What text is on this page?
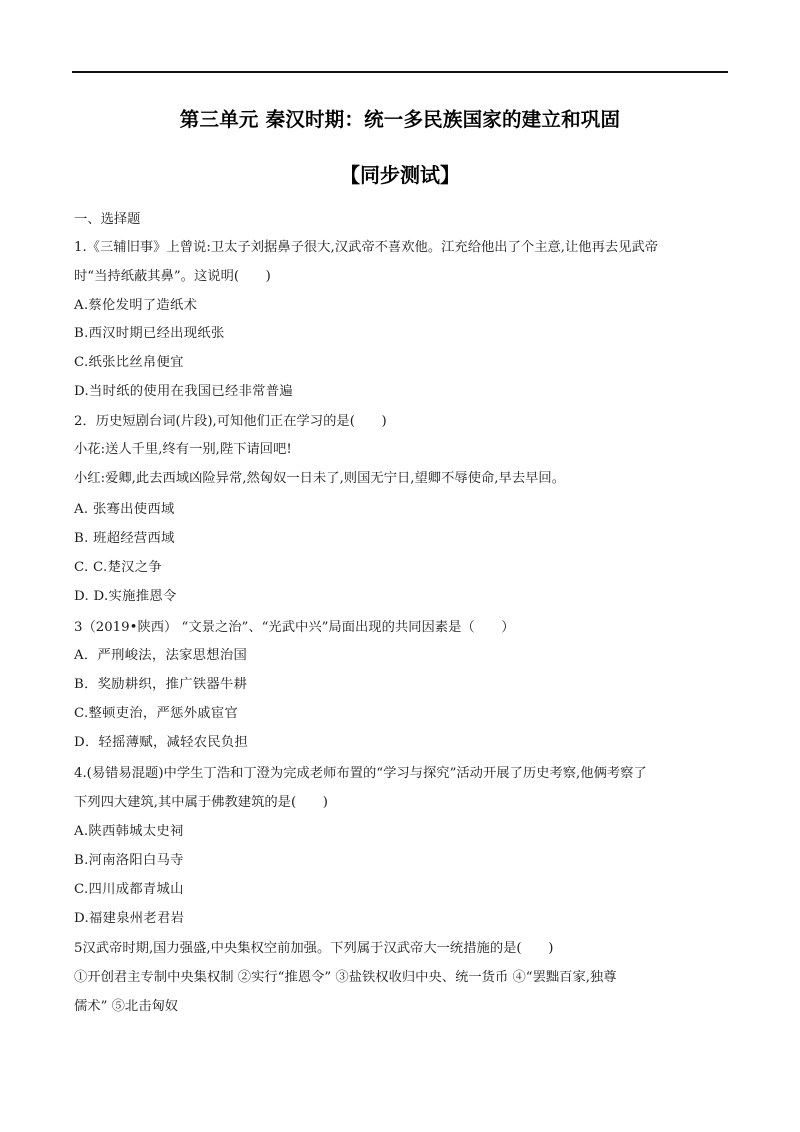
第三单元 秦汉时期：统一多民族国家的建立和巩固
【同步测试】
一、选择题
1.《三辅旧事》上曾说:卫太子刘据鼻子很大,汉武帝不喜欢他。江充给他出了个主意,让他再去见武帝
时“当持纸蔽其鼻”。这说明(　　)
A.蔡伦发明了造纸术
B.西汉时期已经出现纸张
C.纸张比丝帛便宜
D.当时纸的使用在我国已经非常普遍
2．历史短剧台词(片段),可知他们正在学习的是(　　)
小花:送人千里,终有一别,陛下请回吧!
小红:爱卿,此去西域凶险异常,然匈奴一日未了,则国无宁日,望卿不辱使命,早去早回。
A. 张骞出使西域
B. 班超经营西域
C. C.楚汉之争
D. D.实施推恩令
3（2019•陕西） “文景之治”、“光武中兴”局面出现的共同因素是（　　）
A．严刑峻法，法家思想治国
B．奖励耕织，推广铁器牛耕
C.整顿吏治，严惩外戚宦官
D．轻摇薄赋，减轻农民负担
4.(易错易混题)中学生丁浩和丁澄为完成老师布置的“学习与探究”活动开展了历史考察,他俩考察了
下列四大建筑,其中属于佛教建筑的是(　　)
A.陕西韩城太史祠
B.河南洛阳白马寺
C.四川成都青城山
D.福建泉州老君岩
5汉武帝时期,国力强盛,中央集权空前加强。下列属于汉武帝大一统措施的是(　　)
①开创君主专制中央集权制 ②实行“推恩令” ③盐铁权收归中央、统一货币 ④“罢黜百家,独尊
儒术” ⑤北击匈奴
